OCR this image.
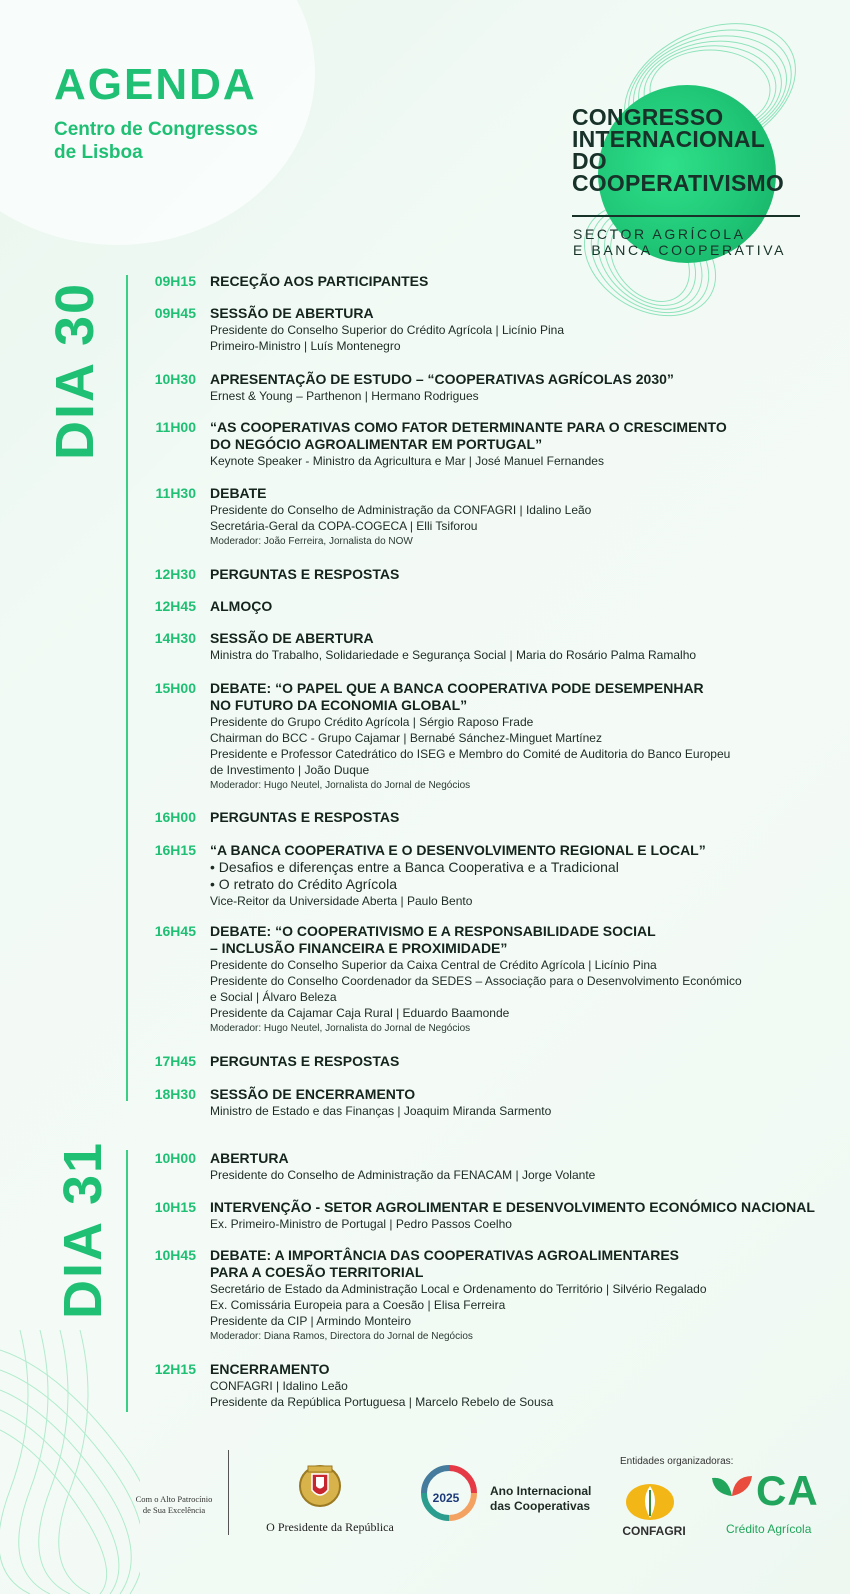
AGENDA
Centro de Congressos
de Lisboa
CONGRESSO
INTERNACIONAL
DO
COOPERATIVISMO
SECTOR AGRÍCOLA
E BANCA COOPERATIVA
DIA 30
DIA 31
09H15 RECEÇÃO AOS PARTICIPANTES
09H45 SESSÃO DE ABERTURA
Presidente do Conselho Superior do Crédito Agrícola | Licínio Pina
Primeiro-Ministro | Luís Montenegro
10H30 APRESENTAÇÃO DE ESTUDO – “COOPERATIVAS AGRÍCOLAS 2030”
Ernest & Young – Parthenon | Hermano Rodrigues
11H00 “AS COOPERATIVAS COMO FATOR DETERMINANTE PARA O CRESCIMENTO
DO NEGÓCIO AGROALIMENTAR EM PORTUGAL”
Keynote Speaker - Ministro da Agricultura e Mar | José Manuel Fernandes
11H30 DEBATE
Presidente do Conselho de Administração da CONFAGRI | Idalino Leão
Secretária-Geral da COPA-COGECA | Elli Tsiforou
Moderador: João Ferreira, Jornalista do NOW
12H30 PERGUNTAS E RESPOSTAS
12H45 ALMOÇO
14H30 SESSÃO DE ABERTURA
Ministra do Trabalho, Solidariedade e Segurança Social | Maria do Rosário Palma Ramalho
15H00 DEBATE: “O PAPEL QUE A BANCA COOPERATIVA PODE DESEMPENHAR
NO FUTURO DA ECONOMIA GLOBAL”
Presidente do Grupo Crédito Agrícola | Sérgio Raposo Frade
Chairman do BCC - Grupo Cajamar | Bernabé Sánchez-Minguet Martínez
Presidente e Professor Catedrático do ISEG e Membro do Comité de Auditoria do Banco Europeu
de Investimento | João Duque
Moderador: Hugo Neutel, Jornalista do Jornal de Negócios
16H00 PERGUNTAS E RESPOSTAS
16H15 “A BANCA COOPERATIVA E O DESENVOLVIMENTO REGIONAL E LOCAL”
• Desafios e diferenças entre a Banca Cooperativa e a Tradicional
• O retrato do Crédito Agrícola
Vice-Reitor da Universidade Aberta | Paulo Bento
16H45 DEBATE: “O COOPERATIVISMO E A RESPONSABILIDADE SOCIAL
– INCLUSÃO FINANCEIRA E PROXIMIDADE”
Presidente do Conselho Superior da Caixa Central de Crédito Agrícola | Licínio Pina
Presidente do Conselho Coordenador da SEDES – Associação para o Desenvolvimento Económico
e Social | Álvaro Beleza
Presidente da Cajamar Caja Rural | Eduardo Baamonde
Moderador: Hugo Neutel, Jornalista do Jornal de Negócios
17H45 PERGUNTAS E RESPOSTAS
18H30 SESSÃO DE ENCERRAMENTO
Ministro de Estado e das Finanças | Joaquim Miranda Sarmento
10H00 ABERTURA
Presidente do Conselho de Administração da FENACAM | Jorge Volante
10H15 INTERVENÇÃO - SETOR AGROLIMENTAR E DESENVOLVIMENTO ECONÓMICO NACIONAL
Ex. Primeiro-Ministro de Portugal | Pedro Passos Coelho
10H45 DEBATE: A IMPORTÂNCIA DAS COOPERATIVAS AGROALIMENTARES
PARA A COESÃO TERRITORIAL
Secretário de Estado da Administração Local e Ordenamento do Território | Silvério Regalado
Ex. Comissária Europeia para a Coesão | Elisa Ferreira
Presidente da CIP | Armindo Monteiro
Moderador: Diana Ramos, Directora do Jornal de Negócios
12H15 ENCERRAMENTO
CONFAGRI | Idalino Leão
Presidente da República Portuguesa | Marcelo Rebelo de Sousa
Com o Alto Patrocínio
de Sua Excelência
O Presidente da República
2025	Ano Internacional
das Cooperativas
Entidades organizadoras:
CONFAGRI
CA
Crédito Agrícola
